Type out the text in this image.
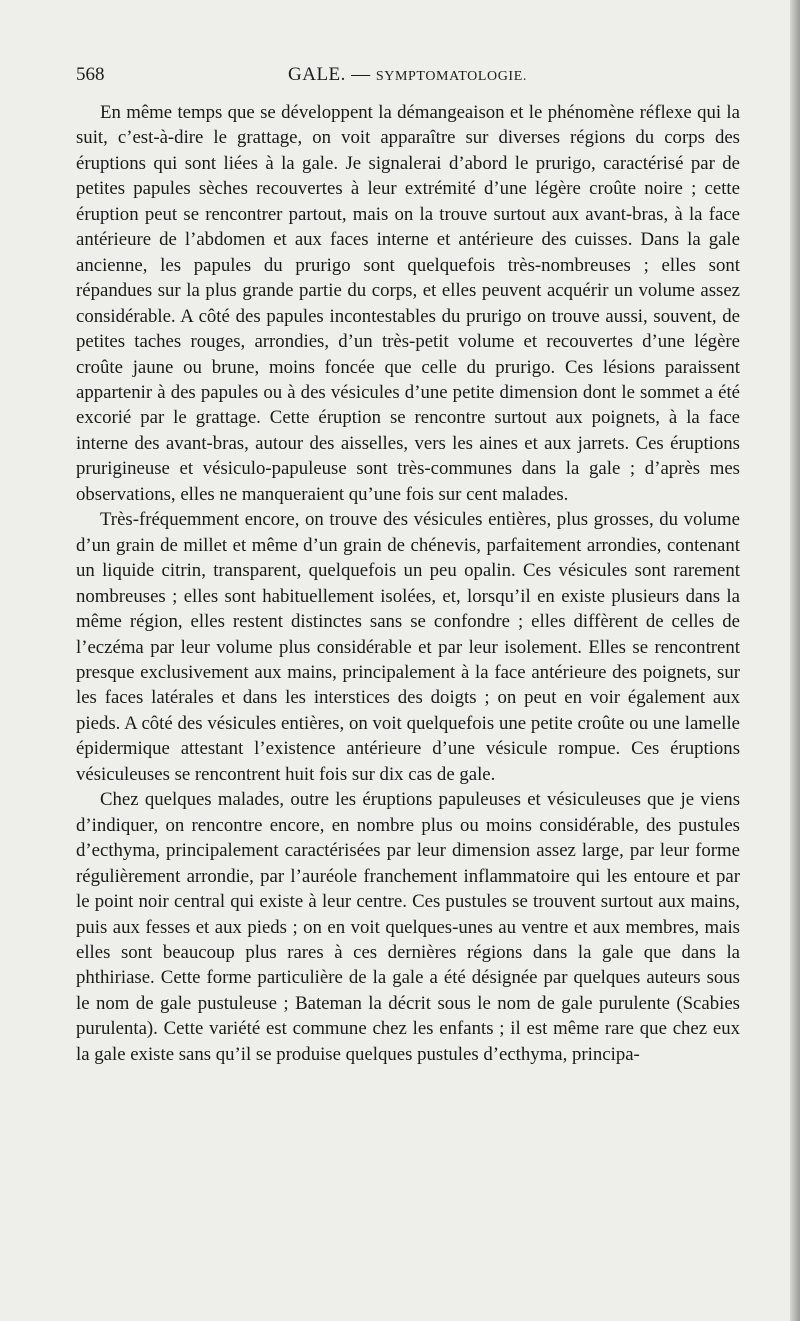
568	GALE. — SYMPTOMATOLOGIE.

En même temps que se développent la démangeaison et le phénomène réflexe qui la suit, c’est-à-dire le grattage, on voit apparaître sur diverses régions du corps des éruptions qui sont liées à la gale. Je signalerai d’abord le prurigo, caractérisé par de petites papules sèches recouvertes à leur extrémité d’une légère croûte noire ; cette éruption peut se rencontrer partout, mais on la trouve surtout aux avant-bras, à la face antérieure de l’abdomen et aux faces interne et antérieure des cuisses. Dans la gale ancienne, les papules du prurigo sont quelquefois très-nombreuses ; elles sont répandues sur la plus grande partie du corps, et elles peuvent acquérir un volume assez considérable. A côté des papules incontestables du prurigo on trouve aussi, souvent, de petites taches rouges, arrondies, d’un très-petit volume et recouvertes d’une légère croûte jaune ou brune, moins foncée que celle du prurigo. Ces lésions paraissent appartenir à des papules ou à des vésicules d’une petite dimension dont le sommet a été excorié par le grattage. Cette éruption se rencontre surtout aux poignets, à la face interne des avant-bras, autour des aisselles, vers les aines et aux jarrets. Ces éruptions prurigineuse et vésiculo-papuleuse sont très-communes dans la gale ; d’après mes observations, elles ne manqueraient qu’une fois sur cent malades.

Très-fréquemment encore, on trouve des vésicules entières, plus grosses, du volume d’un grain de millet et même d’un grain de chénevis, parfaitement arrondies, contenant un liquide citrin, transparent, quelquefois un peu opalin. Ces vésicules sont rarement nombreuses ; elles sont habituellement isolées, et, lorsqu’il en existe plusieurs dans la même région, elles restent distinctes sans se confondre ; elles diffèrent de celles de l’eczéma par leur volume plus considérable et par leur isolement. Elles se rencontrent presque exclusivement aux mains, principalement à la face antérieure des poignets, sur les faces latérales et dans les interstices des doigts ; on peut en voir également aux pieds. A côté des vésicules entières, on voit quelquefois une petite croûte ou une lamelle épidermique attestant l’existence antérieure d’une vésicule rompue. Ces éruptions vésiculeuses se rencontrent huit fois sur dix cas de gale.

Chez quelques malades, outre les éruptions papuleuses et vésiculeuses que je viens d’indiquer, on rencontre encore, en nombre plus ou moins considérable, des pustules d’ecthyma, principalement caractérisées par leur dimension assez large, par leur forme régulièrement arrondie, par l’auréole franchement inflammatoire qui les entoure et par le point noir central qui existe à leur centre. Ces pustules se trouvent surtout aux mains, puis aux fesses et aux pieds ; on en voit quelques-unes au ventre et aux membres, mais elles sont beaucoup plus rares à ces dernières régions dans la gale que dans la phthiriase. Cette forme particulière de la gale a été désignée par quelques auteurs sous le nom de gale pustuleuse ; Bateman la décrit sous le nom de gale purulente (Scabies purulenta). Cette variété est commune chez les enfants ; il est même rare que chez eux la gale existe sans qu’il se produise quelques pustules d’ecthyma, principa-
